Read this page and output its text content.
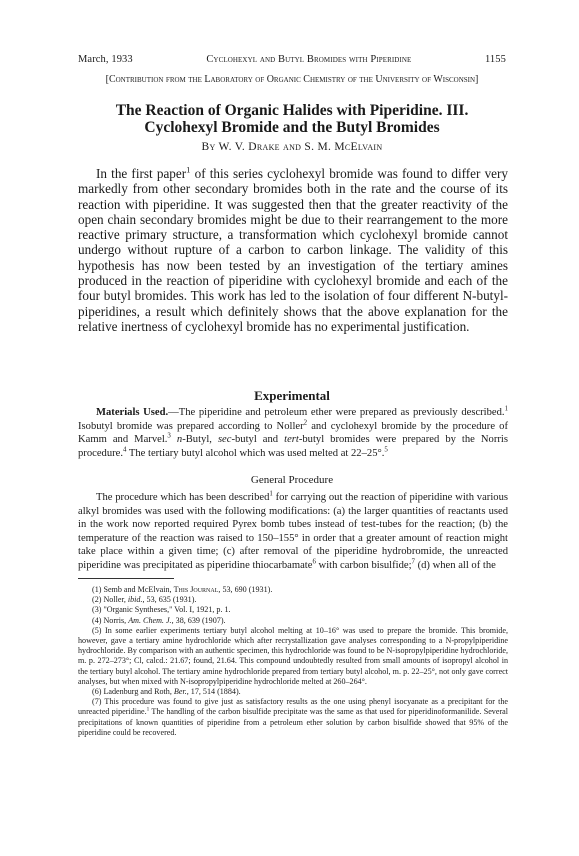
March, 1933	Cyclohexyl and Butyl Bromides with Piperidine	1155
[Contribution from the Laboratory of Organic Chemistry of the University of Wisconsin]
The Reaction of Organic Halides with Piperidine. III.
Cyclohexyl Bromide and the Butyl Bromides
By W. V. Drake and S. M. McElvain

In the first paper$^1$ of this series cyclohexyl bromide was found to differ very markedly from other secondary bromides both in the rate and the course of its reaction with piperidine. It was suggested then that the greater reactivity of the open chain secondary bromides might be due to their rearrangement to the more reactive primary structure, a transformation which cyclohexyl bromide cannot undergo without rupture of a carbon to carbon linkage. The validity of this hypothesis has now been tested by an investigation of the tertiary amines produced in the reaction of piperidine with cyclohexyl bromide and each of the four butyl bromides. This work has led to the isolation of four different N-butyl-piperidines, a result which definitely shows that the above explanation for the relative inertness of cyclohexyl bromide has no experimental justification.

Experimental

Materials Used.—The piperidine and petroleum ether were prepared as previously described.$^1$ Isobutyl bromide was prepared according to Noller$^2$ and cyclohexyl bromide by the procedure of Kamm and Marvel.$^3$ n-Butyl, sec-butyl and tert-butyl bromides were prepared by the Norris procedure.$^4$ The tertiary butyl alcohol which was used melted at 22–25°.$^5$

General Procedure

The procedure which has been described$^1$ for carrying out the reaction of piperidine with various alkyl bromides was used with the following modifications: (a) the larger quantities of reactants used in the work now reported required Pyrex bomb tubes instead of test-tubes for the reaction; (b) the temperature of the reaction was raised to 150–155° in order that a greater amount of reaction might take place within a given time; (c) after removal of the piperidine hydrobromide, the unreacted piperidine was precipitated as piperidine thiocarbamate$^6$ with carbon bisulfide;$^7$ (d) when all of the

(1) Semb and McElvain, This Journal, 53, 690 (1931).

(2) Noller, ibid., 53, 635 (1931).

(3) "Organic Syntheses," Vol. I, 1921, p. 1.

(4) Norris, Am. Chem. J., 38, 639 (1907).

(5) In some earlier experiments tertiary butyl alcohol melting at 10–16° was used to prepare the bromide. This bromide, however, gave a tertiary amine hydrochloride which after recrystallization gave analyses corresponding to a N-propylpiperidine hydrochloride. By comparison with an authentic specimen, this hydrochloride was found to be N-isopropylpiperidine hydrochloride, m. p. 272–273°; Cl, calcd.: 21.67; found, 21.64. This compound undoubtedly resulted from small amounts of isopropyl alcohol in the tertiary butyl alcohol. The tertiary amine hydrochloride prepared from tertiary butyl alcohol, m. p. 22–25°, not only gave correct analyses, but when mixed with N-isopropylpiperidine hydrochloride melted at 260–264°.

(6) Ladenburg and Roth, Ber., 17, 514 (1884).

(7) This procedure was found to give just as satisfactory results as the one using phenyl isocyanate as a precipitant for the unreacted piperidine.$^1$ The handling of the carbon bisulfide precipitate was the same as that used for piperidinoformanilide. Several precipitations of known quantities of piperidine from a petroleum ether solution by carbon bisulfide showed that 95% of the piperidine could be recovered.
